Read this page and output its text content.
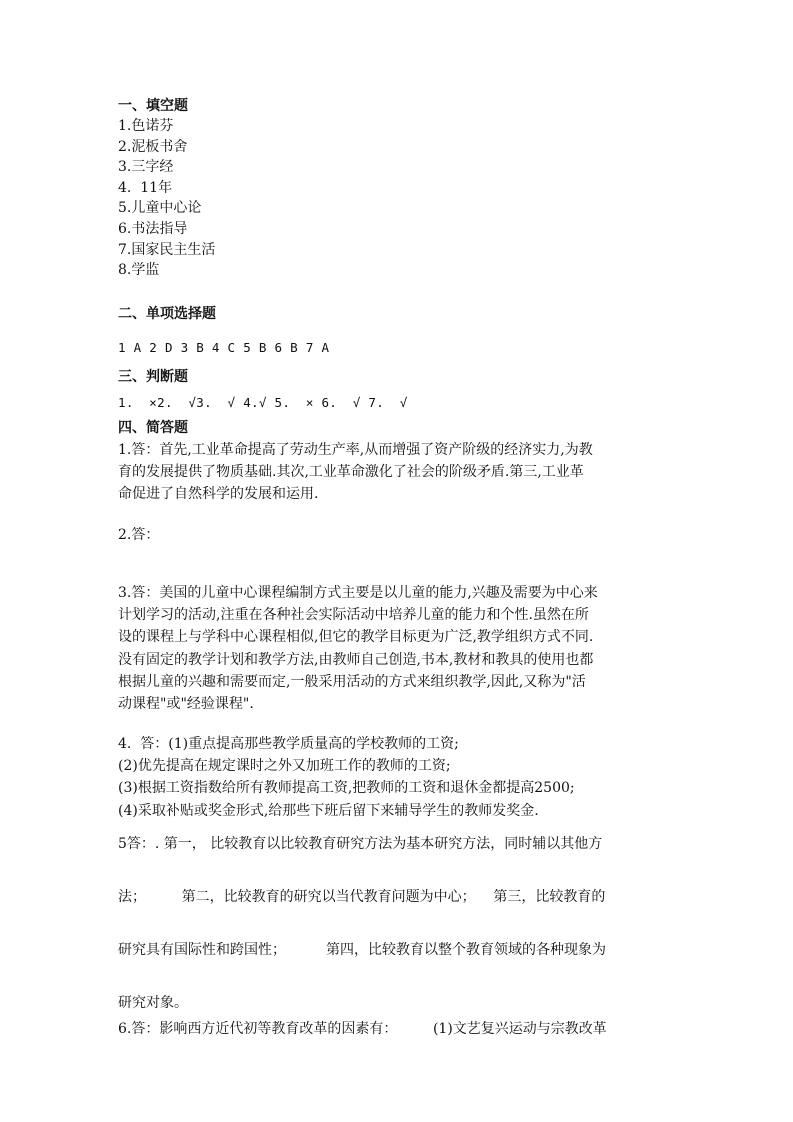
一、填空题
1.色诺芬
2.泥板书舍
3.三字经
4.  11年
5.儿童中心论
6.书法指导
7.国家民主生活
8.学监
二、单项选择题
1 A 2 D 3 B 4 C 5 B 6 B 7 A
三、判断题
1.  ×2.  √3.  √ 4.√ 5.  × 6.  √ 7.  √
四、简答题
1.答：首先,工业革命提高了劳动生产率,从而增强了资产阶级的经济实力,为教
育的发展提供了物质基础.其次,工业革命激化了社会的阶级矛盾.第三,工业革
命促进了自然科学的发展和运用.
2.答：
3.答：美国的儿童中心课程编制方式主要是以儿童的能力,兴趣及需要为中心来
计划学习的活动,注重在各种社会实际活动中培养儿童的能力和个性.虽然在所
设的课程上与学科中心课程相似,但它的教学目标更为广泛,教学组织方式不同.
没有固定的教学计划和教学方法,由教师自己创造,书本,教材和教具的使用也都
根据儿童的兴趣和需要而定,一般采用活动的方式来组织教学,因此,又称为"活
动课程"或"经验课程".
4.  答：(1)重点提高那些教学质量高的学校教师的工资;
(2)优先提高在规定课时之外又加班工作的教师的工资;
(3)根据工资指数给所有教师提高工资,把教师的工资和退休金都提高2500;
(4)采取补贴或奖金形式,给那些下班后留下来辅导学生的教师发奖金.
5答：. 第一， 比较教育以比较教育研究方法为基本研究方法，同时辅以其他方
法；        第二，比较教育的研究以当代教育问题为中心；    第三，比较教育的
研究具有国际性和跨国性；         第四，比较教育以整个教育领域的各种现象为
研究对象。
6.答：影响西方近代初等教育改革的因素有：        (1)文艺复兴运动与宗教改革
